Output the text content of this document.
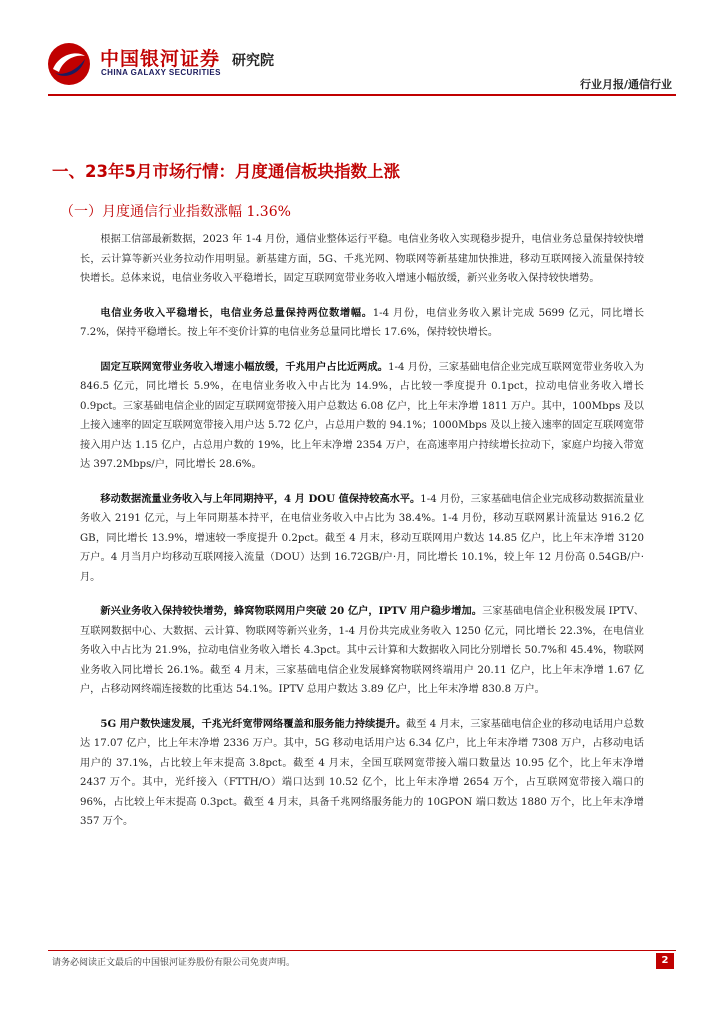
中国银河证券
CHINA GALAXY SECURITIES
研究院
行业月报/通信行业
一、23年5月市场行情：月度通信板块指数上涨
（一）月度通信行业指数涨幅 1.36%

根据工信部最新数据，2023 年 1-4 月份，通信业整体运行平稳。电信业务收入实现稳步提升，电信业务总量保持较快增长，云计算等新兴业务拉动作用明显。新基建方面，5G、千兆光网、物联网等新基建加快推进，移动互联网接入流量保持较快增长。总体来说，电信业务收入平稳增长，固定互联网宽带业务收入增速小幅放缓，新兴业务收入保持较快增势。

电信业务收入平稳增长，电信业务总量保持两位数增幅。1-4 月份，电信业务收入累计完成 5699 亿元，同比增长 7.2%，保持平稳增长。按上年不变价计算的电信业务总量同比增长 17.6%，保持较快增长。

固定互联网宽带业务收入增速小幅放缓，千兆用户占比近两成。1-4 月份，三家基础电信企业完成互联网宽带业务收入为 846.5 亿元，同比增长 5.9%，在电信业务收入中占比为 14.9%，占比较一季度提升 0.1pct，拉动电信业务收入增长 0.9pct。三家基础电信企业的固定互联网宽带接入用户总数达 6.08 亿户，比上年末净增 1811 万户。其中，100Mbps 及以上接入速率的固定互联网宽带接入用户达 5.72 亿户，占总用户数的 94.1%；1000Mbps 及以上接入速率的固定互联网宽带接入用户达 1.15 亿户，占总用户数的 19%，比上年末净增 2354 万户，在高速率用户持续增长拉动下，家庭户均接入带宽达 397.2Mbps/户，同比增长 28.6%。

移动数据流量业务收入与上年同期持平，4 月 DOU 值保持较高水平。1-4 月份，三家基础电信企业完成移动数据流量业务收入 2191 亿元，与上年同期基本持平，在电信业务收入中占比为 38.4%。1-4 月份，移动互联网累计流量达 916.2 亿 GB，同比增长 13.9%，增速较一季度提升 0.2pct。截至 4 月末，移动互联网用户数达 14.85 亿户，比上年末净增 3120 万户。4 月当月户均移动互联网接入流量（DOU）达到 16.72GB/户·月，同比增长 10.1%，较上年 12 月份高 0.54GB/户·月。

新兴业务收入保持较快增势，蜂窝物联网用户突破 20 亿户，IPTV 用户稳步增加。三家基础电信企业积极发展 IPTV、互联网数据中心、大数据、云计算、物联网等新兴业务，1-4 月份共完成业务收入 1250 亿元，同比增长 22.3%，在电信业务收入中占比为 21.9%，拉动电信业务收入增长 4.3pct。其中云计算和大数据收入同比分别增长 50.7%和 45.4%，物联网业务收入同比增长 26.1%。截至 4 月末，三家基础电信企业发展蜂窝物联网终端用户 20.11 亿户，比上年末净增 1.67 亿户，占移动网终端连接数的比重达 54.1%。IPTV 总用户数达 3.89 亿户，比上年末净增 830.8 万户。

5G 用户数快速发展，千兆光纤宽带网络覆盖和服务能力持续提升。截至 4 月末，三家基础电信企业的移动电话用户总数达 17.07 亿户，比上年末净增 2336 万户。其中，5G 移动电话用户达 6.34 亿户，比上年末净增 7308 万户，占移动电话用户的 37.1%，占比较上年末提高 3.8pct。截至 4 月末，全国互联网宽带接入端口数量达 10.95 亿个，比上年末净增 2437 万个。其中，光纤接入（FTTH/O）端口达到 10.52 亿个，比上年末净增 2654 万个，占互联网宽带接入端口的 96%，占比较上年末提高 0.3pct。截至 4 月末，具备千兆网络服务能力的 10GPON 端口数达 1880 万个，比上年末净增 357 万个。

请务必阅读正文最后的中国银河证券股份有限公司免责声明。	2
